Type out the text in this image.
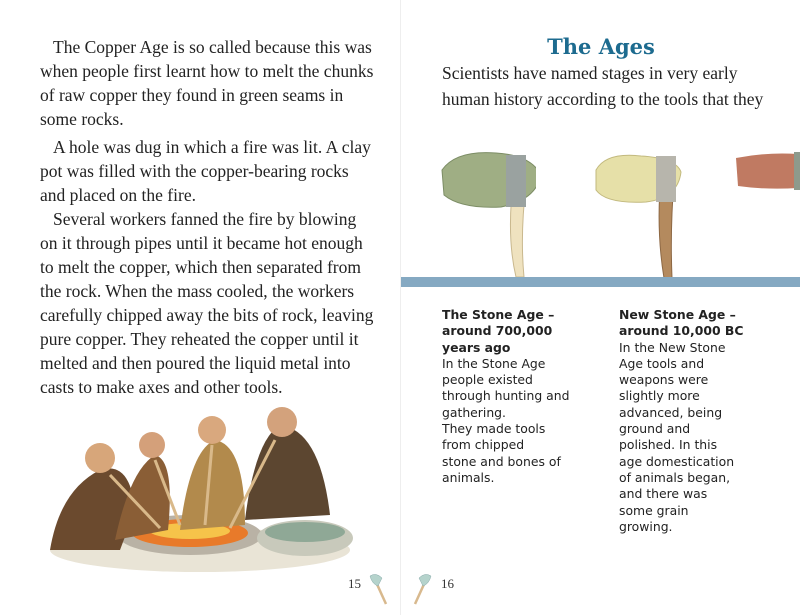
The Copper Age is so called because this was
when people first learnt how to melt the chunks
of raw copper they found in green seams in
some rocks.
A hole was dug in which a fire was lit. A clay
pot was filled with the copper-bearing rocks
and placed on the fire.
Several workers fanned the fire by blowing
on it through pipes until it became hot enough
to melt the copper, which then separated from
the rock. When the mass cooled, the workers
carefully chipped away the bits of rock, leaving
pure copper. They reheated the copper until it
melted and then poured the liquid metal into
casts to make axes and other tools.
15
The Ages
Scientists have named stages in very early
human history according to the tools that they
The Stone Age –
around 700,000
years ago
In the Stone Age
people existed
through hunting and
gathering.
They made tools
from chipped
stone and bones of
animals.
New Stone Age –
around 10,000 BC
In the New Stone
Age tools and
weapons were
slightly more
advanced, being
ground and
polished. In this
age domestication
of animals began,
and there was
some grain
growing.
16
